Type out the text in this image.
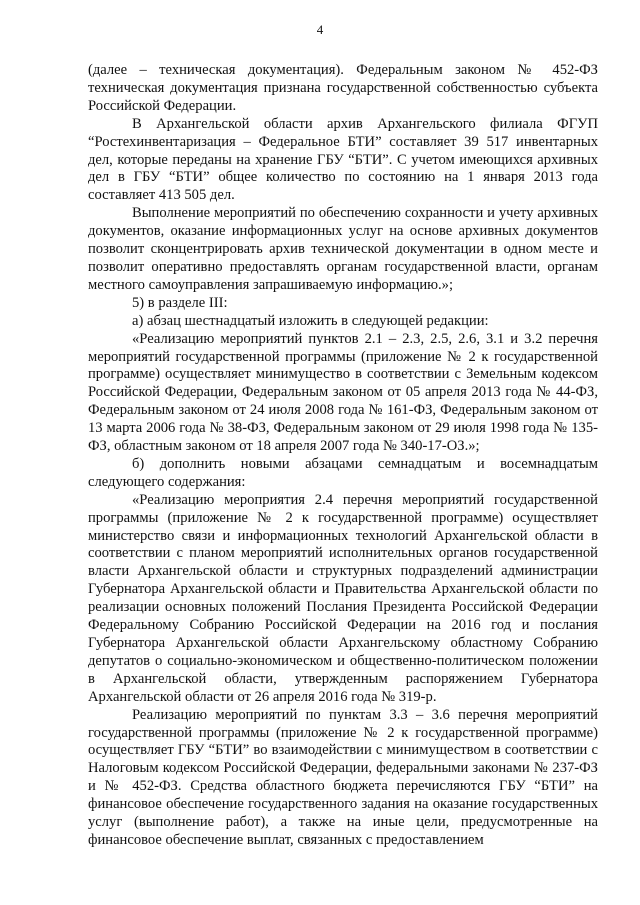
4

(далее – техническая документация). Федеральным законом № 452-ФЗ техническая документация признана государственной собственностью субъекта Российской Федерации.

В Архангельской области архив Архангельского филиала ФГУП “Ростехинвентаризация – Федеральное БТИ” составляет 39 517 инвентарных дел, которые переданы на хранение ГБУ “БТИ”. С учетом имеющихся архивных дел в ГБУ “БТИ” общее количество по состоянию на 1 января 2013 года составляет 413 505 дел.

Выполнение мероприятий по обеспечению сохранности и учету архивных документов, оказание информационных услуг на основе архивных документов позволит сконцентрировать архив технической документации в одном месте и позволит оперативно предоставлять органам государственной власти, органам местного самоуправления запрашиваемую информацию.»;

5) в разделе III:

а) абзац шестнадцатый изложить в следующей редакции:

«Реализацию мероприятий пунктов 2.1 – 2.3, 2.5, 2.6, 3.1 и 3.2 перечня мероприятий государственной программы (приложение № 2 к государственной программе) осуществляет минимущество в соответствии с Земельным кодексом Российской Федерации, Федеральным законом от 05 апреля 2013 года № 44-ФЗ, Федеральным законом от 24 июля 2008 года № 161-ФЗ, Федеральным законом от 13 марта 2006 года № 38-ФЗ, Федеральным законом от 29 июля 1998 года № 135-ФЗ, областным законом от 18 апреля 2007 года № 340-17-ОЗ.»;

б) дополнить новыми абзацами семнадцатым и восемнадцатым следующего содержания:

«Реализацию мероприятия 2.4 перечня мероприятий государственной программы (приложение № 2 к государственной программе) осуществляет министерство связи и информационных технологий Архангельской области в соответствии с планом мероприятий исполнительных органов государственной власти Архангельской области и структурных подразделений администрации Губернатора Архангельской области и Правительства Архангельской области по реализации основных положений Послания Президента Российской Федерации Федеральному Собранию Российской Федерации на 2016 год и послания Губернатора Архангельской области Архангельскому областному Собранию депутатов о социально-экономическом и общественно-политическом положении в Архангельской области, утвержденным распоряжением Губернатора Архангельской области от 26 апреля 2016 года № 319-р.

Реализацию мероприятий по пунктам 3.3 – 3.6 перечня мероприятий государственной программы (приложение № 2 к государственной программе) осуществляет ГБУ “БТИ” во взаимодействии с минимуществом в соответствии с Налоговым кодексом Российской Федерации, федеральными законами № 237-ФЗ и № 452-ФЗ. Средства областного бюджета перечисляются ГБУ “БТИ” на финансовое обеспечение государственного задания на оказание государственных услуг (выполнение работ), а также на иные цели, предусмотренные на финансовое обеспечение выплат, связанных с предоставлением
